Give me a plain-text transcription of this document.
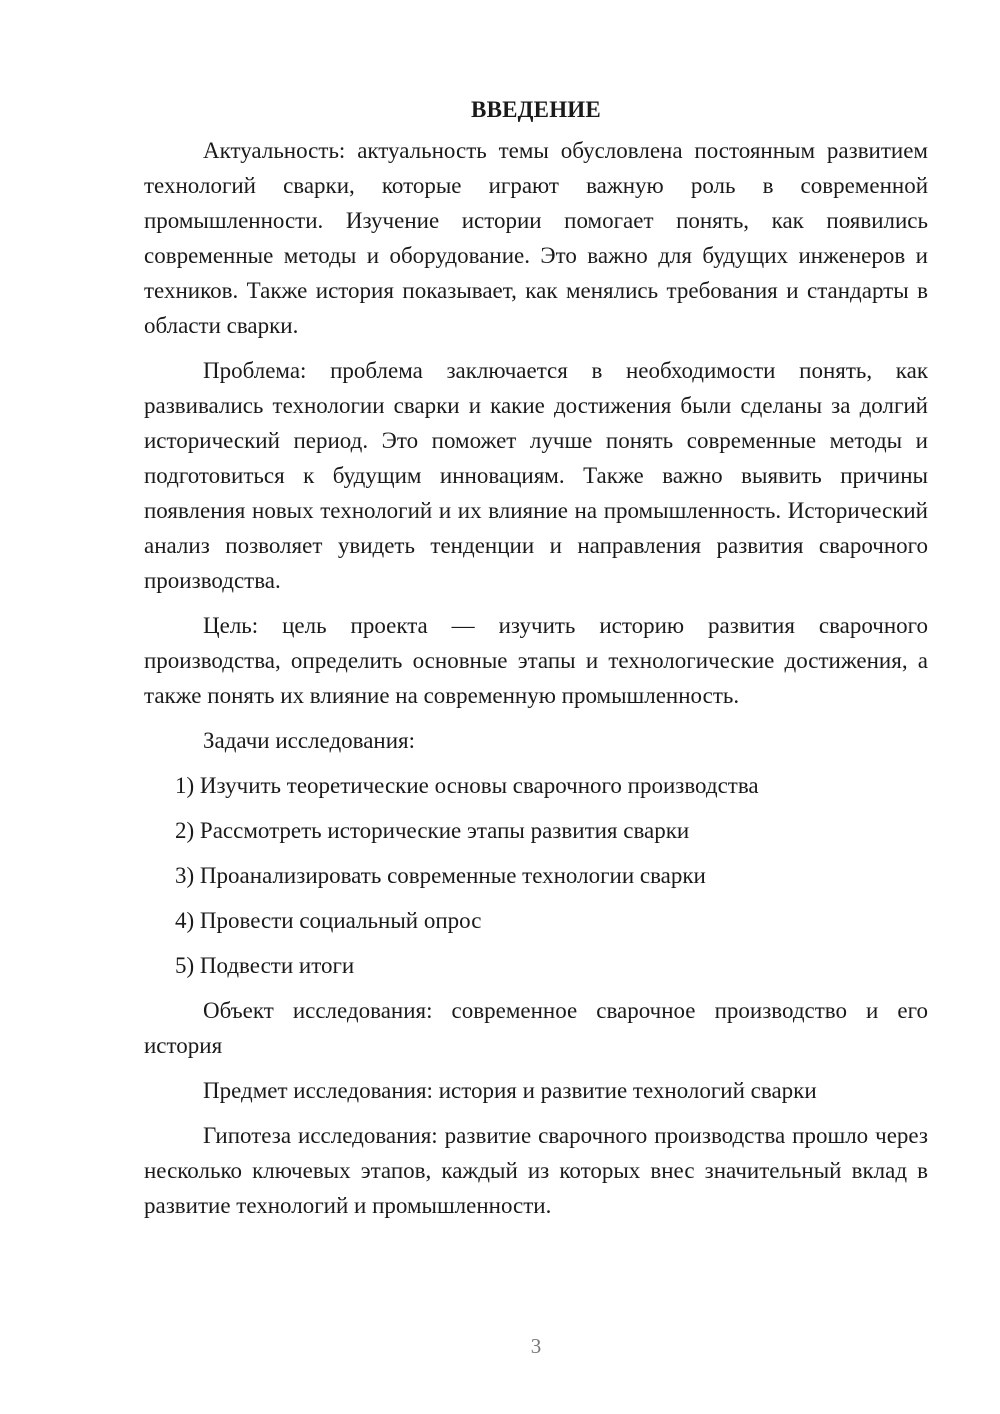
ВВЕДЕНИЕ

Актуальность: актуальность темы обусловлена постоянным развитием технологий сварки, которые играют важную роль в современной промышленности. Изучение истории помогает понять, как появились современные методы и оборудование. Это важно для будущих инженеров и техников. Также история показывает, как менялись требования и стандарты в области сварки.

Проблема: проблема заключается в необходимости понять, как развивались технологии сварки и какие достижения были сделаны за долгий исторический период. Это поможет лучше понять современные методы и подготовиться к будущим инновациям. Также важно выявить причины появления новых технологий и их влияние на промышленность. Исторический анализ позволяет увидеть тенденции и направления развития сварочного производства.

Цель: цель проекта — изучить историю развития сварочного производства, определить основные этапы и технологические достижения, а также понять их влияние на современную промышленность.

Задачи исследования:

1) Изучить теоретические основы сварочного производства
2) Рассмотреть исторические этапы развития сварки
3) Проанализировать современные технологии сварки
4) Провести социальный опрос
5) Подвести итоги

Объект исследования: современное сварочное производство и его история

Предмет исследования: история и развитие технологий сварки

Гипотеза исследования: развитие сварочного производства прошло через несколько ключевых этапов, каждый из которых внес значительный вклад в развитие технологий и промышленности.

3
